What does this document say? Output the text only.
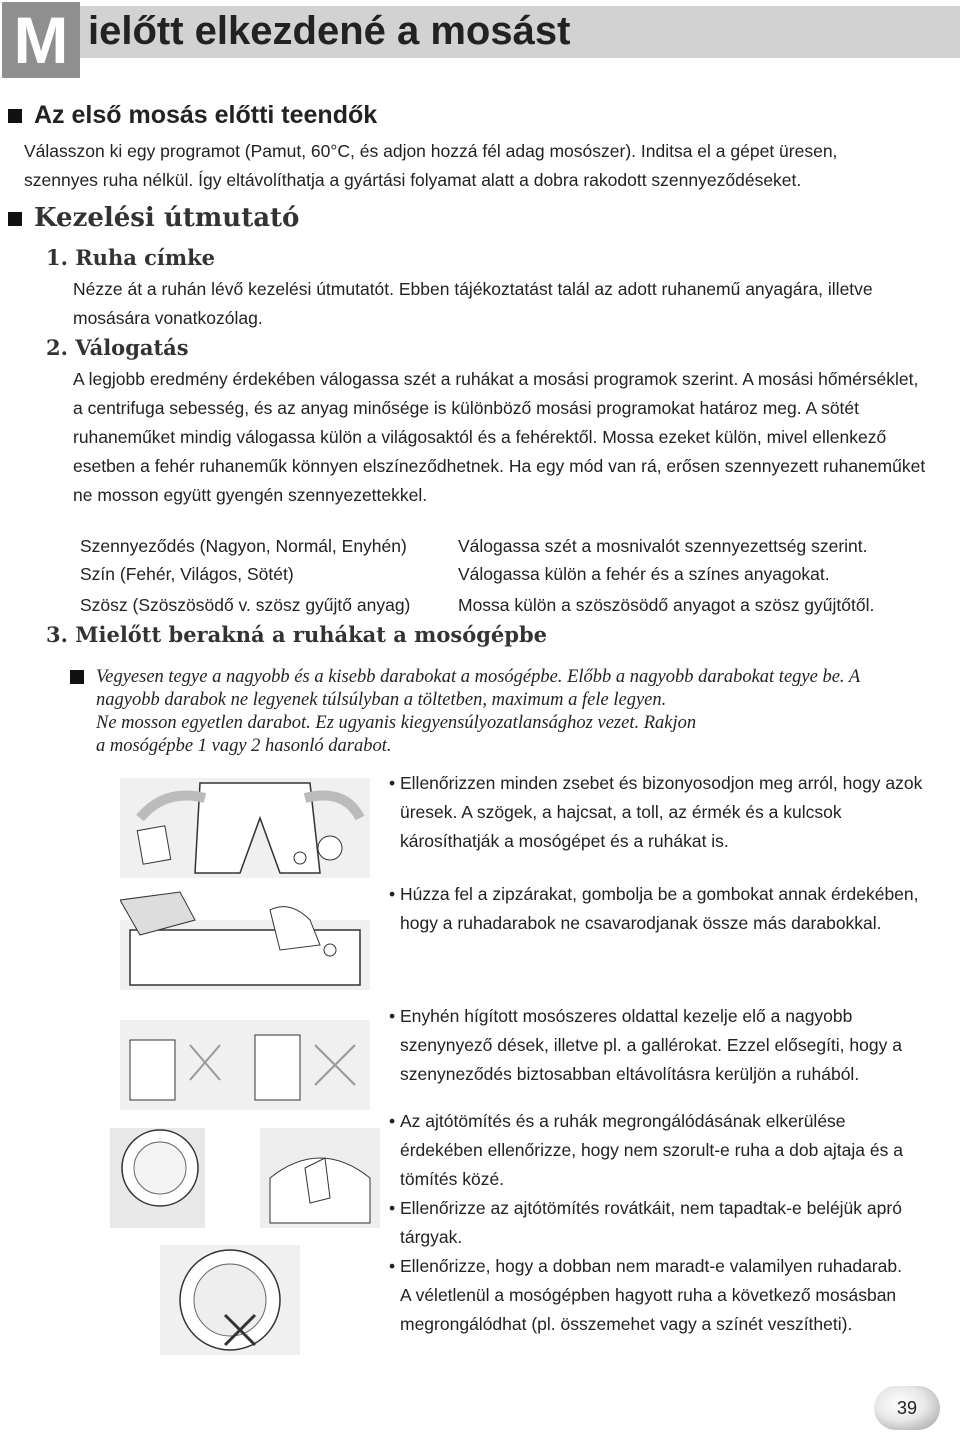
M ielőtt elkezdené a mosást
Az első mosás előtti teendők
Válasszon ki egy programot (Pamut, 60°C, és adjon hozzá fél adag mosószer). Inditsa el a gépet üresen,
szennyes ruha nélkül. Így eltávolíthatja a gyártási folyamat alatt a dobra rakodott szennyeződéseket.
Kezelési útmutató
1. Ruha címke
Nézze át a ruhán lévő kezelési útmutatót. Ebben tájékoztatást talál az adott ruhanemű anyagára, illetve
mosására vonatkozólag.
2. Válogatás
A legjobb eredmény érdekében válogassa szét a ruhákat a mosási programok szerint. A mosási hőmérséklet,
a centrifuga sebesség, és az anyag minősége is különböző mosási programokat határoz meg. A sötét
ruhaneműket mindig válogassa külön a világosaktól és a fehérektől. Mossa ezeket külön, mivel ellenkező
esetben a fehér ruhaneműk könnyen elszíneződhetnek. Ha egy mód van rá, erősen szennyezett ruhaneműket
ne mosson együtt gyengén szennyezettekkel.
Szennyeződés (Nagyon, Normál, Enyhén)	Válogassa szét a mosnivalót szennyezettség szerint.
Szín (Fehér, Világos, Sötét)	Válogassa külön a fehér és a színes anyagokat.
Szösz (Szöszösödő v. szösz gyűjtő anyag)	Mossa külön a szöszösödő anyagot a szösz gyűjtőtől.
3. Mielőtt berakná a ruhákat a mosógépbe
Vegyesen tegye a nagyobb és a kisebb darabokat a mosógépbe. Előbb a nagyobb darabokat tegye be. A
nagyobb darabok ne legyenek túlsúlyban a töltetben, maximum a fele legyen.
Ne mosson egyetlen darabot. Ez ugyanis kiegyensúlyozatlansághoz vezet. Rakjon
a mosógépbe 1 vagy 2 hasonló darabot.
• Ellenőrizzen minden zsebet és bizonyosodjon meg arról, hogy azok
üresek. A szögek, a hajcsat, a toll, az érmék és a kulcsok
károsíthatják a mosógépet és a ruhákat is.
• Húzza fel a zipzárakat, gombolja be a gombokat annak érdekében,
hogy a ruhadarabok ne csavarodjanak össze más darabokkal.
• Enyhén hígított mosószeres oldattal kezelje elő a nagyobb
szenynyező dések, illetve pl. a gallérokat. Ezzel elősegíti, hogy a
szenyneződés biztosabban eltávolításra kerüljön a ruhából.
• Az ajtótömítés és a ruhák megrongálódásának elkerülése
érdekében ellenőrizze, hogy nem szorult-e ruha a dob ajtaja és a
tömítés közé.
• Ellenőrizze az ajtótömítés rovátkáit, nem tapadtak-e beléjük apró
tárgyak.
• Ellenőrizze, hogy a dobban nem maradt-e valamilyen ruhadarab.
A véletlenül a mosógépben hagyott ruha a következő mosásban
megrongálódhat (pl. összemehet vagy a színét veszítheti).
39
